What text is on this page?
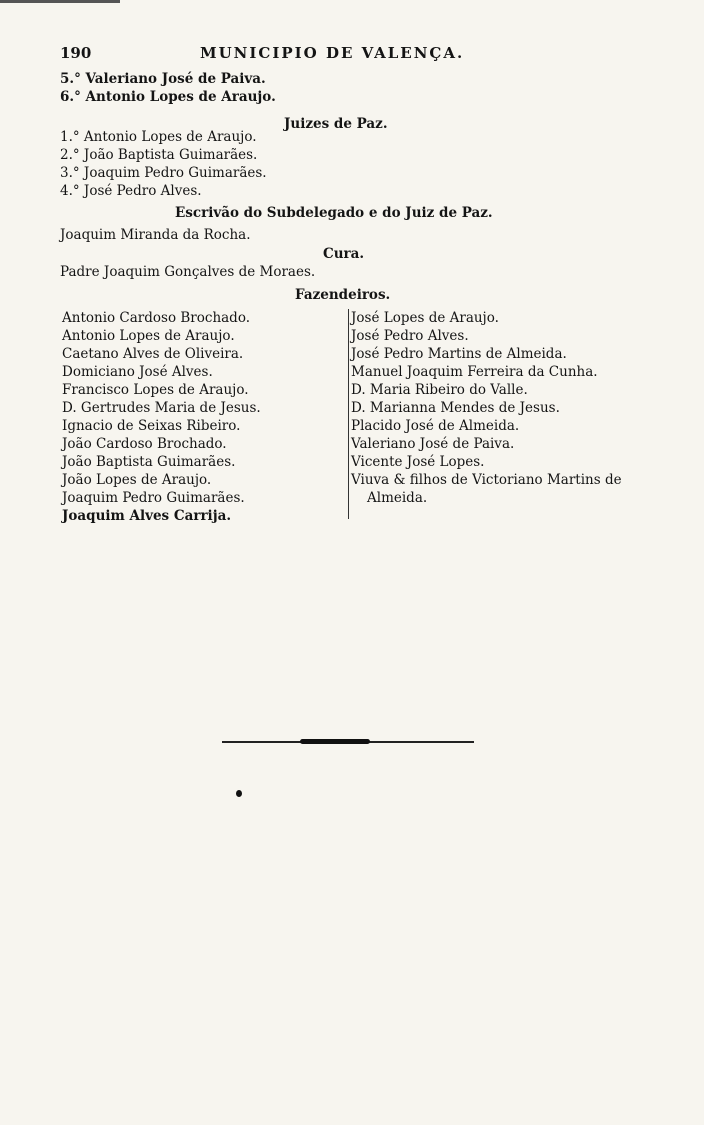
190	MUNICIPIO DE VALENÇA.
5.° Valeriano José de Paiva.
6.° Antonio Lopes de Araujo.
Juizes de Paz.
1.° Antonio Lopes de Araujo.
2.° João Baptista Guimarães.
3.° Joaquim Pedro Guimarães.
4.° José Pedro Alves.
Escrivão do Subdelegado e do Juiz de Paz.
Joaquim Miranda da Rocha.
Cura.
Padre Joaquim Gonçalves de Moraes.
Fazendeiros.
Antonio Cardoso Brochado.
Antonio Lopes de Araujo.
Caetano Alves de Oliveira.
Domiciano José Alves.
Francisco Lopes de Araujo.
D. Gertrudes Maria de Jesus.
Ignacio de Seixas Ribeiro.
João Cardoso Brochado.
João Baptista Guimarães.
João Lopes de Araujo.
Joaquim Pedro Guimarães.
Joaquim Alves Carrija.
José Lopes de Araujo.
José Pedro Alves.
José Pedro Martins de Almeida.
Manuel Joaquim Ferreira da Cunha.
D. Maria Ribeiro do Valle.
D. Marianna Mendes de Jesus.
Placido José de Almeida.
Valeriano José de Paiva.
Vicente José Lopes.
Viuva & filhos de Victoriano Martins de Almeida.
